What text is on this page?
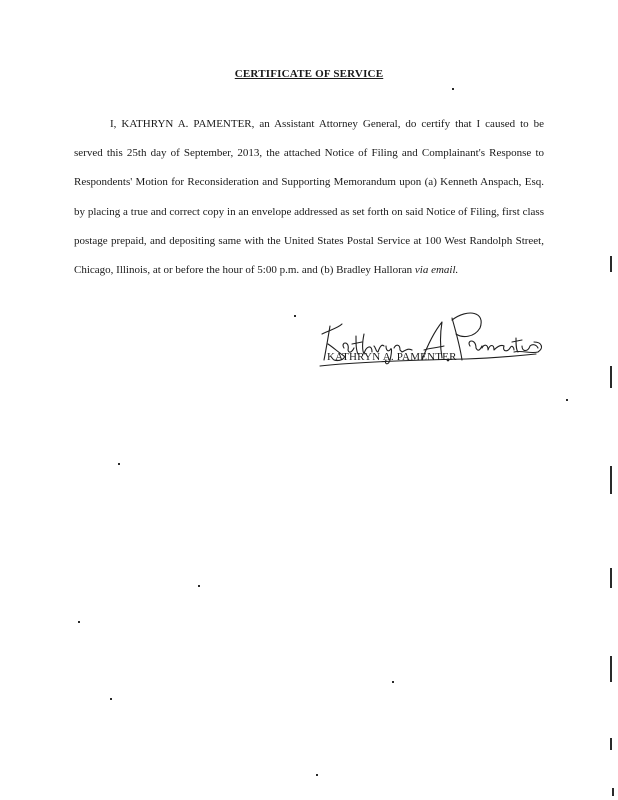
CERTIFICATE OF SERVICE

I, KATHRYN A. PAMENTER, an Assistant Attorney General, do certify that I caused to be served this 25th day of September, 2013, the attached Notice of Filing and Complainant's Response to Respondents' Motion for Reconsideration and Supporting Memorandum upon (a) Kenneth Anspach, Esq. by placing a true and correct copy in an envelope addressed as set forth on said Notice of Filing, first class postage prepaid, and depositing same with the United States Postal Service at 100 West Randolph Street, Chicago, Illinois, at or before the hour of 5:00 p.m. and (b) Bradley Halloran via email.

KATHRYN A. PAMENTER
